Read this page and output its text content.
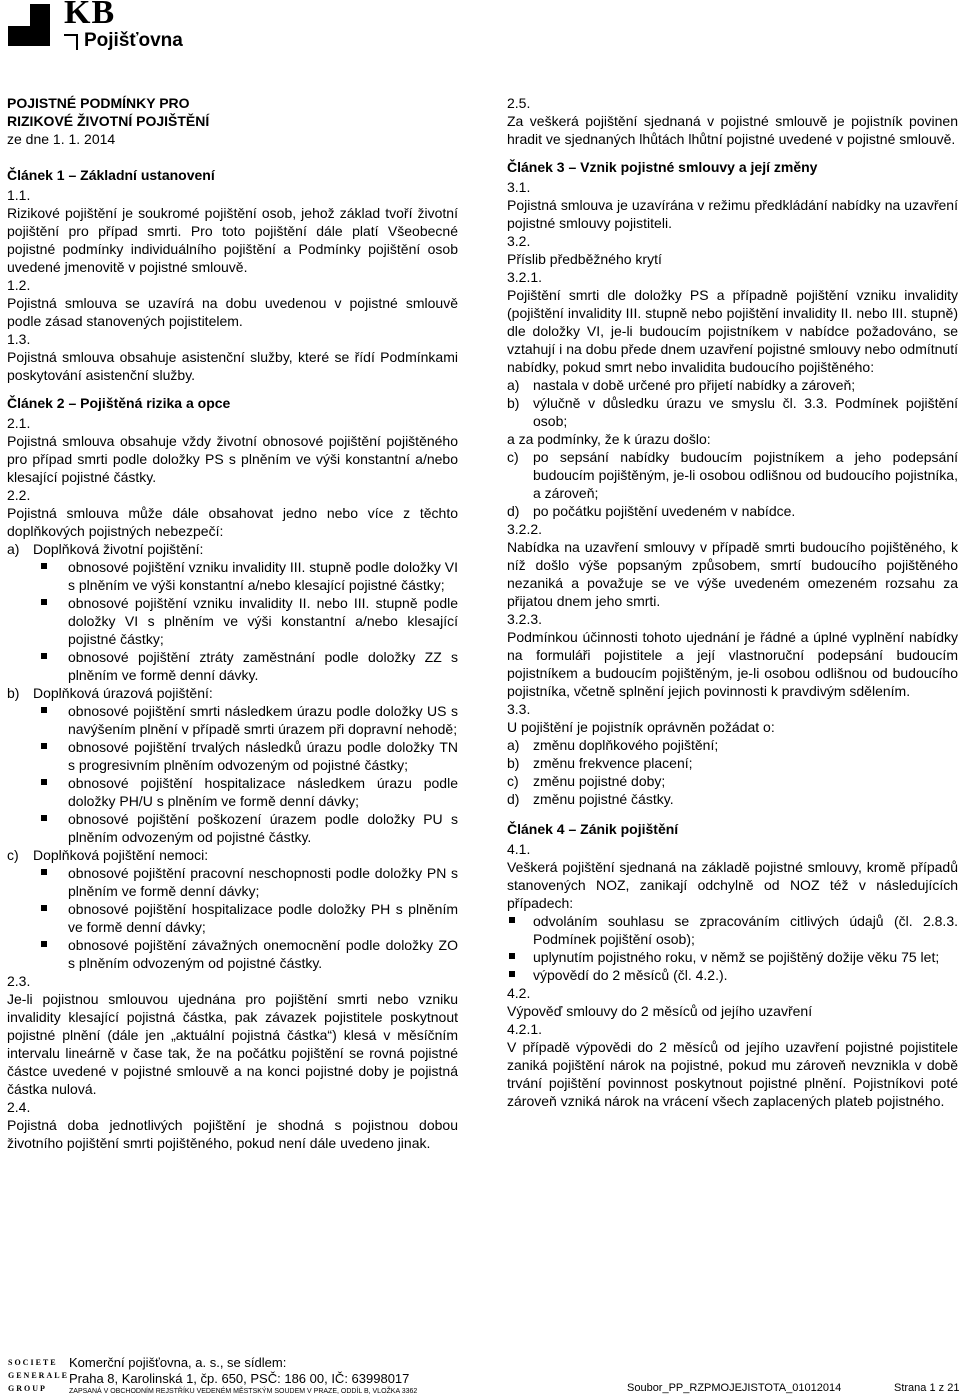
KB
Pojišťovna
POJISTNÉ PODMÍNKY PRO
RIZIKOVÉ ŽIVOTNÍ POJIŠTĚNÍ
ze dne 1. 1. 2014
Článek 1 – Základní ustanovení
1.1.
Rizikové pojištění je soukromé pojištění osob, jehož základ tvoří životní pojištění pro případ smrti. Pro toto pojištění dále platí Všeobecné pojistné podmínky individuálního pojištění a Podmínky pojištění osob uvedené jmenovitě v pojistné smlouvě.
1.2.
Pojistná smlouva se uzavírá na dobu uvedenou v pojistné smlouvě podle zásad stanovených pojistitelem.
1.3.
Pojistná smlouva obsahuje asistenční služby, které se řídí Podmínkami poskytování asistenční služby.
Článek 2 – Pojištěná rizika a opce
2.1.
Pojistná smlouva obsahuje vždy životní obnosové pojištění pojištěného pro případ smrti podle doložky PS s plněním ve výši konstantní a/nebo klesající pojistné částky.
2.2.
Pojistná smlouva může dále obsahovat jedno nebo více z těchto doplňkových pojistných nebezpečí:
a) Doplňková životní pojištění:
obnosové pojištění vzniku invalidity III. stupně podle doložky VI s plněním ve výši konstantní a/nebo klesající pojistné částky;
obnosové pojištění vzniku invalidity II. nebo III. stupně podle doložky VI s plněním ve výši konstantní a/nebo klesající pojistné částky;
obnosové pojištění ztráty zaměstnání podle doložky ZZ s plněním ve formě denní dávky.
b) Doplňková úrazová pojištění:
obnosové pojištění smrti následkem úrazu podle doložky US s navýšením plnění v případě smrti úrazem při dopravní nehodě;
obnosové pojištění trvalých následků úrazu podle doložky TN s progresivním plněním odvozeným od pojistné částky;
obnosové pojištění hospitalizace následkem úrazu podle doložky PH/U s plněním ve formě denní dávky;
obnosové pojištění poškození úrazem podle doložky PU s plněním odvozeným od pojistné částky.
c) Doplňková pojištění nemoci:
obnosové pojištění pracovní neschopnosti podle doložky PN s plněním ve formě denní dávky;
obnosové pojištění hospitalizace podle doložky PH s plněním ve formě denní dávky;
obnosové pojištění závažných onemocnění podle doložky ZO s plněním odvozeným od pojistné částky.
2.3.
Je-li pojistnou smlouvou ujednána pro pojištění smrti nebo vzniku invalidity klesající pojistná částka, pak závazek pojistitele poskytnout pojistné plnění (dále jen „aktuální pojistná částka“) klesá v měsíčním intervalu lineárně v čase tak, že na počátku pojištění se rovná pojistné částce uvedené v pojistné smlouvě a na konci pojistné doby je pojistná částka nulová.
2.4.
Pojistná doba jednotlivých pojištění je shodná s pojistnou dobou životního pojištění smrti pojištěného, pokud není dále uvedeno jinak.
2.5.
Za veškerá pojištění sjednaná v pojistné smlouvě je pojistník povinen hradit ve sjednaných lhůtách lhůtní pojistné uvedené v pojistné smlouvě.
Článek 3 – Vznik pojistné smlouvy a její změny
3.1.
Pojistná smlouva je uzavírána v režimu předkládání nabídky na uzavření pojistné smlouvy pojistiteli.
3.2.
Příslib předběžného krytí
3.2.1.
Pojištění smrti dle doložky PS a případně pojištění vzniku invalidity (pojištění invalidity III. stupně nebo pojištění invalidity II. nebo III. stupně) dle doložky VI, je-li budoucím pojistníkem v nabídce požadováno, se vztahují i na dobu přede dnem uzavření pojistné smlouvy nebo odmítnutí nabídky, pokud smrt nebo invalidita budoucího pojištěného:
a) nastala v době určené pro přijetí nabídky a zároveň;
b) výlučně v důsledku úrazu ve smyslu čl. 3.3. Podmínek pojištění osob;
a za podmínky, že k úrazu došlo:
c) po sepsání nabídky budoucím pojistníkem a jeho podepsání budoucím pojištěným, je-li osobou odlišnou od budoucího pojistníka, a zároveň;
d) po počátku pojištění uvedeném v nabídce.
3.2.2.
Nabídka na uzavření smlouvy v případě smrti budoucího pojištěného, k níž došlo výše popsaným způsobem, smrtí budoucího pojištěného nezaniká a považuje se ve výše uvedeném omezeném rozsahu za přijatou dnem jeho smrti.
3.2.3.
Podmínkou účinnosti tohoto ujednání je řádné a úplné vyplnění nabídky na formuláři pojistitele a její vlastnoruční podepsání budoucím pojistníkem a budoucím pojištěným, je-li osobou odlišnou od budoucího pojistníka, včetně splnění jejich povinnosti k pravdivým sdělením.
3.3.
U pojištění je pojistník oprávněn požádat o:
a) změnu doplňkového pojištění;
b) změnu frekvence placení;
c) změnu pojistné doby;
d) změnu pojistné částky.
Článek 4 – Zánik pojištění
4.1.
Veškerá pojištění sjednaná na základě pojistné smlouvy, kromě případů stanovených NOZ, zanikají odchylně od NOZ též v následujících případech:
odvoláním souhlasu se zpracováním citlivých údajů (čl. 2.8.3. Podmínek pojištění osob);
uplynutím pojistného roku, v němž se pojištěný dožije věku 75 let;
výpovědí do 2 měsíců (čl. 4.2.).
4.2.
Výpověď smlouvy do 2 měsíců od jejího uzavření
4.2.1.
V případě výpovědi do 2 měsíců od jejího uzavření pojistné pojistitele zaniká pojištění nárok na pojistné, pokud mu zároveň nevznikla v době trvání pojištění povinnost poskytnout pojistné plnění. Pojistníkovi poté zároveň vzniká nárok na vrácení všech zaplacených plateb pojistného.
SOCIETE
GENERALE
GROUP
Komerční pojišťovna, a. s., se sídlem:
Praha 8, Karolinská 1, čp. 650, PSČ: 186 00, IČ: 63998017
ZAPSANÁ V OBCHODNÍM REJSTŘÍKU VEDENÉM MĚSTSKÝM SOUDEM V PRAZE, ODDÍL B, VLOŽKA 3362	Soubor_PP_RZPMOJEJISTOTA_01012014	Strana 1 z 21
